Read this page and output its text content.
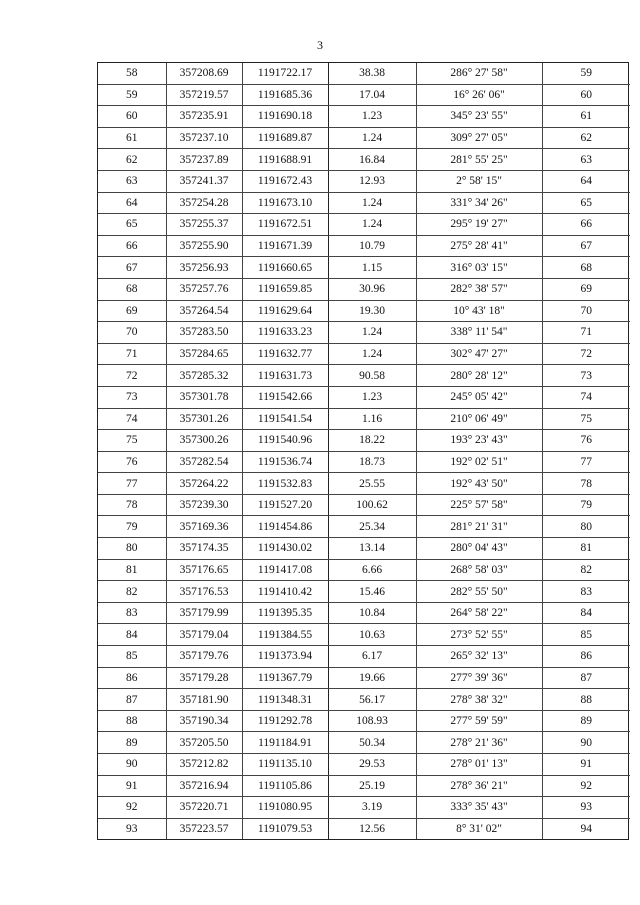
3
58	357208.69	1191722.17	38.38	286° 27' 58"	59
59	357219.57	1191685.36	17.04	16° 26' 06"	60
60	357235.91	1191690.18	1.23	345° 23' 55"	61
61	357237.10	1191689.87	1.24	309° 27' 05"	62
62	357237.89	1191688.91	16.84	281° 55' 25"	63
63	357241.37	1191672.43	12.93	2° 58' 15"	64
64	357254.28	1191673.10	1.24	331° 34' 26"	65
65	357255.37	1191672.51	1.24	295° 19' 27"	66
66	357255.90	1191671.39	10.79	275° 28' 41"	67
67	357256.93	1191660.65	1.15	316° 03' 15"	68
68	357257.76	1191659.85	30.96	282° 38' 57"	69
69	357264.54	1191629.64	19.30	10° 43' 18"	70
70	357283.50	1191633.23	1.24	338° 11' 54"	71
71	357284.65	1191632.77	1.24	302° 47' 27"	72
72	357285.32	1191631.73	90.58	280° 28' 12"	73
73	357301.78	1191542.66	1.23	245° 05' 42"	74
74	357301.26	1191541.54	1.16	210° 06' 49"	75
75	357300.26	1191540.96	18.22	193° 23' 43"	76
76	357282.54	1191536.74	18.73	192° 02' 51"	77
77	357264.22	1191532.83	25.55	192° 43' 50"	78
78	357239.30	1191527.20	100.62	225° 57' 58"	79
79	357169.36	1191454.86	25.34	281° 21' 31"	80
80	357174.35	1191430.02	13.14	280° 04' 43"	81
81	357176.65	1191417.08	6.66	268° 58' 03"	82
82	357176.53	1191410.42	15.46	282° 55' 50"	83
83	357179.99	1191395.35	10.84	264° 58' 22"	84
84	357179.04	1191384.55	10.63	273° 52' 55"	85
85	357179.76	1191373.94	6.17	265° 32' 13"	86
86	357179.28	1191367.79	19.66	277° 39' 36"	87
87	357181.90	1191348.31	56.17	278° 38' 32"	88
88	357190.34	1191292.78	108.93	277° 59' 59"	89
89	357205.50	1191184.91	50.34	278° 21' 36"	90
90	357212.82	1191135.10	29.53	278° 01' 13"	91
91	357216.94	1191105.86	25.19	278° 36' 21"	92
92	357220.71	1191080.95	3.19	333° 35' 43"	93
93	357223.57	1191079.53	12.56	8° 31' 02"	94
